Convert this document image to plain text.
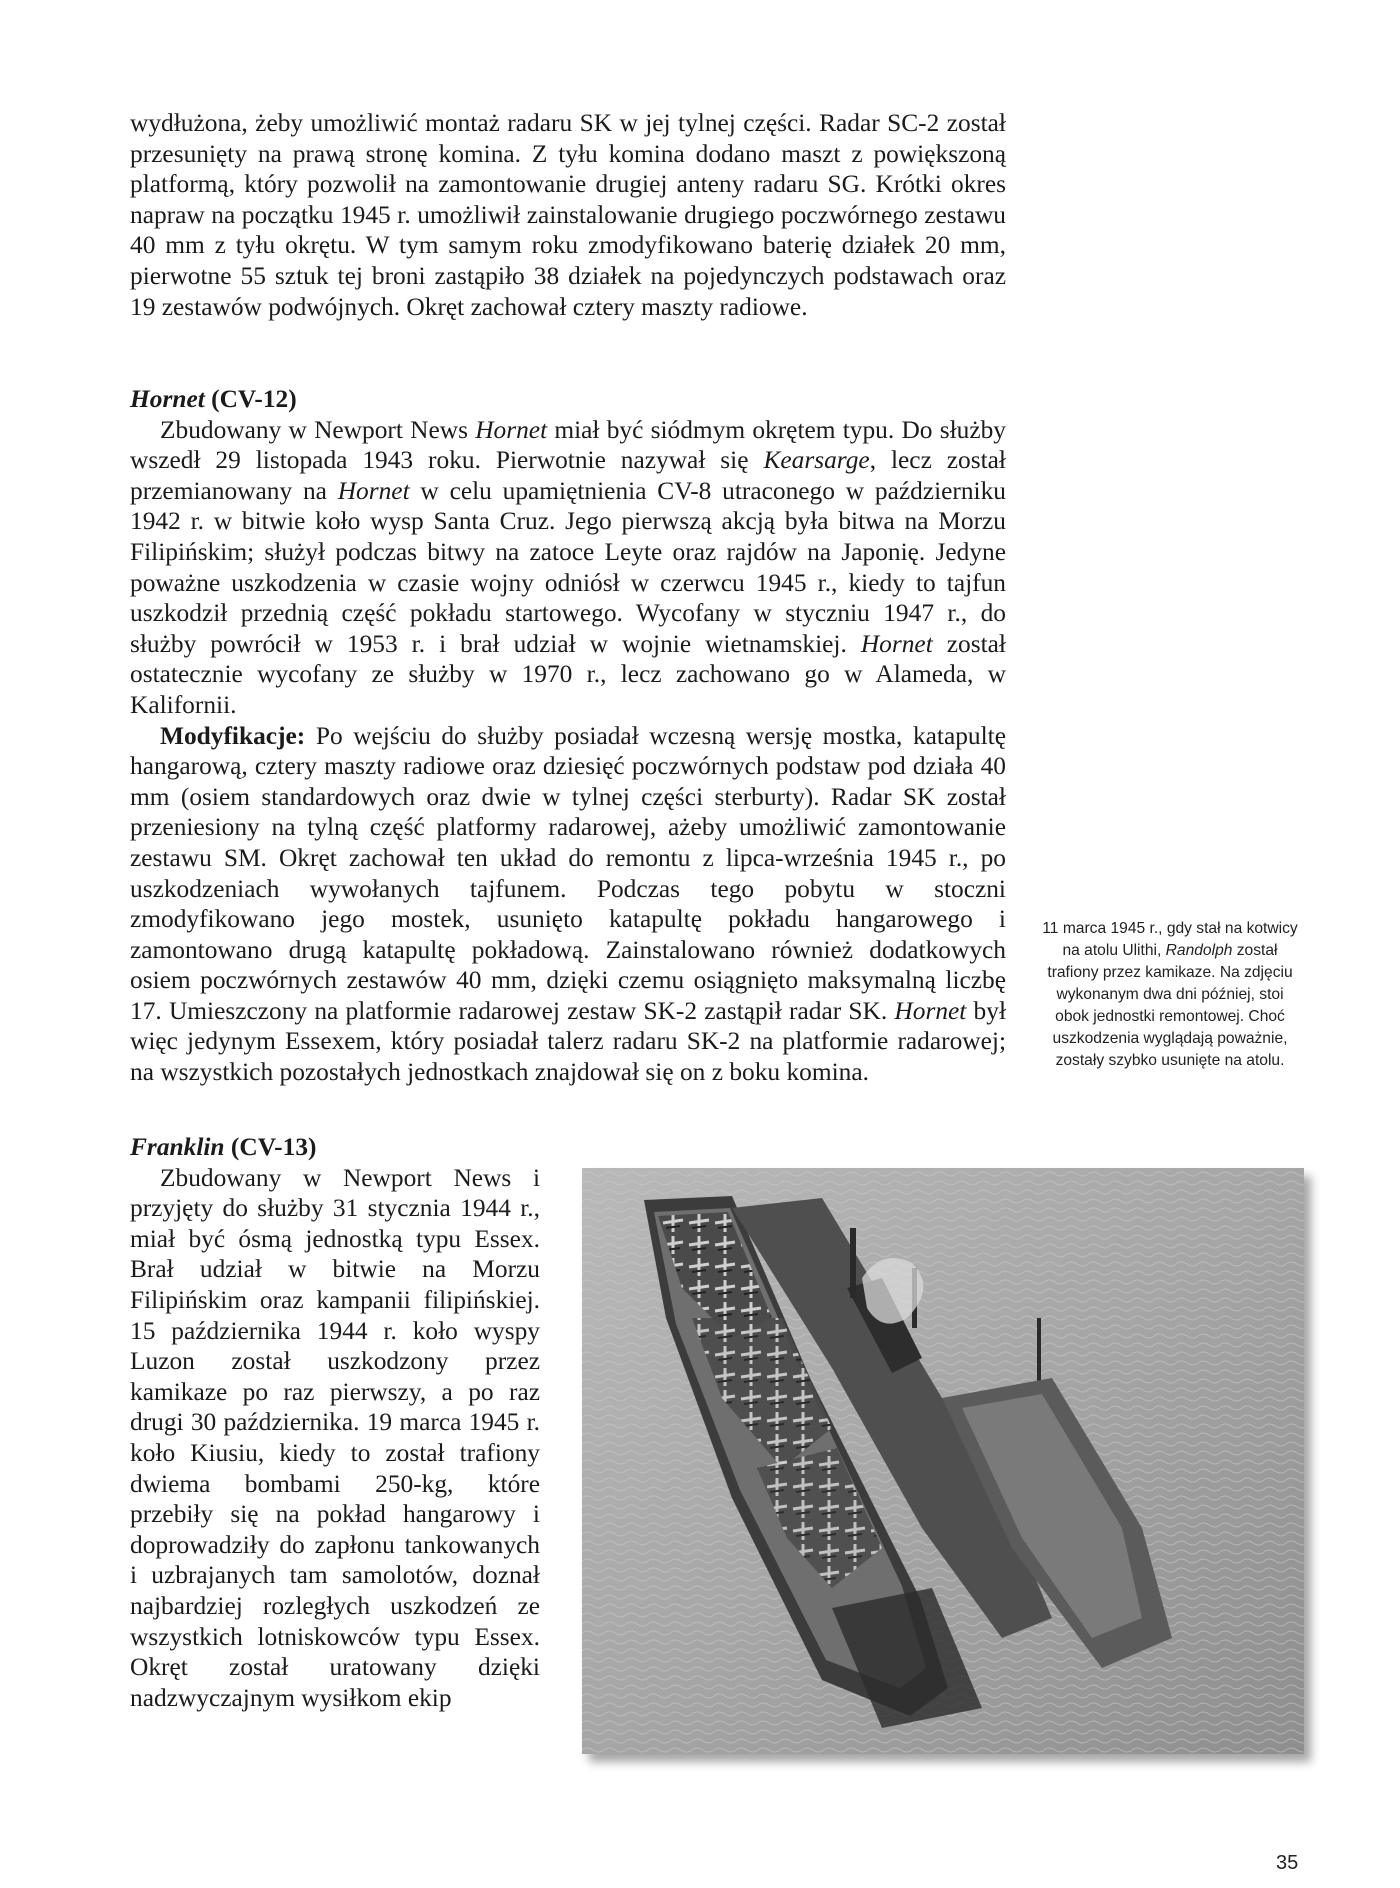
wydłużona, żeby umożliwić montaż radaru SK w jej tylnej części. Radar SC-2 został przesunięty na prawą stronę komina. Z tyłu komina dodano maszt z powiększoną platformą, który pozwolił na zamontowanie drugiej anteny radaru SG. Krótki okres napraw na początku 1945 r. umożliwił zainstalowanie drugiego poczwórnego zestawu 40 mm z tyłu okrętu. W tym samym roku zmodyfikowano baterię działek 20 mm, pierwotne 55 sztuk tej broni zastąpiło 38 działek na pojedynczych podstawach oraz 19 zestawów podwójnych. Okręt zachował cztery maszty radiowe.

Hornet (CV-12)

Zbudowany w Newport News Hornet miał być siódmym okrętem typu. Do służby wszedł 29 listopada 1943 roku. Pierwotnie nazywał się Kearsarge, lecz został przemianowany na Hornet w celu upamiętnienia CV-8 utraconego w październiku 1942 r. w bitwie koło wysp Santa Cruz. Jego pierwszą akcją była bitwa na Morzu Filipińskim; służył podczas bitwy na zatoce Leyte oraz rajdów na Japonię. Jedyne poważne uszkodzenia w czasie wojny odniósł w czerwcu 1945 r., kiedy to tajfun uszkodził przednią część pokładu startowego. Wycofany w styczniu 1947 r., do służby powrócił w 1953 r. i brał udział w wojnie wietnamskiej. Hornet został ostatecznie wycofany ze służby w 1970 r., lecz zachowano go w Alameda, w Kalifornii.

Modyfikacje: Po wejściu do służby posiadał wczesną wersję mostka, katapultę hangarową, cztery maszty radiowe oraz dziesięć poczwórnych podstaw pod działa 40 mm (osiem standardowych oraz dwie w tylnej części sterburty). Radar SK został przeniesiony na tylną część platformy radarowej, ażeby umożliwić zamontowanie zestawu SM. Okręt zachował ten układ do remontu z lipca-września 1945 r., po uszkodzeniach wywołanych tajfunem. Podczas tego pobytu w stoczni zmodyfikowano jego mostek, usunięto katapultę pokładu hangarowego i zamontowano drugą katapultę pokładową. Zainstalowano również dodatkowych osiem poczwórnych zestawów 40 mm, dzięki czemu osiągnięto maksymalną liczbę 17. Umieszczony na platformie radarowej zestaw SK-2 zastąpił radar SK. Hornet był więc jedynym Essexem, który posiadał talerz radaru SK-2 na platformie radarowej; na wszystkich pozostałych jednostkach znajdował się on z boku komina.

11 marca 1945 r., gdy stał na kotwicy na atolu Ulithi, Randolph został trafiony przez kamikaze. Na zdjęciu wykonanym dwa dni później, stoi obok jednostki remontowej. Choć uszkodzenia wyglądają poważnie, zostały szybko usunięte na atolu.

Franklin (CV-13)

Zbudowany w Newport News i przyjęty do służby 31 stycznia 1944 r., miał być ósmą jednostką typu Essex. Brał udział w bitwie na Morzu Filipińskim oraz kampanii filipińskiej. 15 października 1944 r. koło wyspy Luzon został uszkodzony przez kamikaze po raz pierwszy, a po raz drugi 30 października. 19 marca 1945 r. koło Kiusiu, kiedy to został trafiony dwiema bombami 250-kg, które przebiły się na pokład hangarowy i doprowadziły do zapłonu tankowanych i uzbrajanych tam samolotów, doznał najbardziej rozległych uszkodzeń ze wszystkich lotniskowców typu Essex. Okręt został uratowany dzięki nadzwyczajnym wysiłkom ekip

35
